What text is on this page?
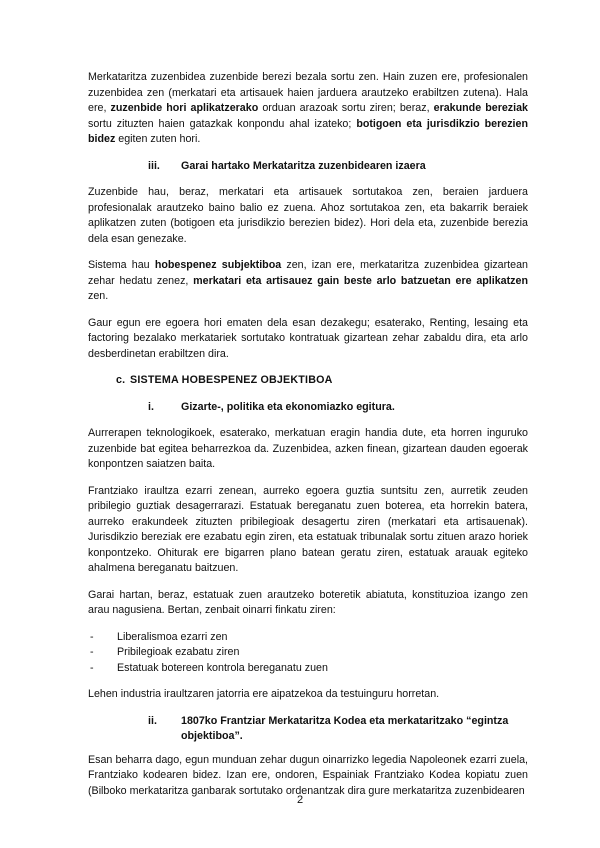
Merkataritza zuzenbidea zuzenbide berezi bezala sortu zen. Hain zuzen ere, profesionalen zuzenbidea zen (merkatari eta artisauek haien jarduera arautzeko erabiltzen zutena). Hala ere, zuzenbide hori aplikatzerako orduan arazoak sortu ziren; beraz, erakunde bereziak sortu zituzten haien gatazkak konpondu ahal izateko; botigoen eta jurisdikzio berezien bidez egiten zuten hori.

iii. Garai hartako Merkataritza zuzenbidearen izaera

Zuzenbide hau, beraz, merkatari eta artisauek sortutakoa zen, beraien jarduera profesionalak arautzeko baino balio ez zuena. Ahoz sortutakoa zen, eta bakarrik beraiek aplikatzen zuten (botigoen eta jurisdikzio berezien bidez). Hori dela eta, zuzenbide berezia dela esan genezake.

Sistema hau hobespenez subjektiboa zen, izan ere, merkataritza zuzenbidea gizartean zehar hedatu zenez, merkatari eta artisauez gain beste arlo batzuetan ere aplikatzen zen.

Gaur egun ere egoera hori ematen dela esan dezakegu; esaterako, Renting, lesaing eta factoring bezalako merkatariek sortutako kontratuak gizartean zehar zabaldu dira, eta arlo desberdinetan erabiltzen dira.

c. SISTEMA HOBESPENEZ OBJEKTIBOA
i.	Gizarte-, politika eta ekonomiazko egitura.

Aurrerapen teknologikoek, esaterako, merkatuan eragin handia dute, eta horren inguruko zuzenbide bat egitea beharrezkoa da. Zuzenbidea, azken finean, gizartean dauden egoerak konpontzen saiatzen baita.

Frantziako iraultza ezarri zenean, aurreko egoera guztia suntsitu zen, aurretik zeuden pribilegio guztiak desagerrarazi. Estatuak bereganatu zuen boterea, eta horrekin batera, aurreko erakundeek zituzten pribilegioak desagertu ziren (merkatari eta artisauenak). Jurisdikzio bereziak ere ezabatu egin ziren, eta estatuak tribunalak sortu zituen arazo horiek konpontzeko. Ohiturak ere bigarren plano batean geratu ziren, estatuak arauak egiteko ahalmena bereganatu baitzuen.

Garai hartan, beraz, estatuak zuen arautzeko boteretik abiatuta, konstituzioa izango zen arau nagusiena. Bertan, zenbait oinarri finkatu ziren:

-	Liberalismoa ezarri zen
-	Pribilegioak ezabatu ziren
-	Estatuak botereen kontrola bereganatu zuen

Lehen industria iraultzaren jatorria ere aipatzekoa da testuinguru horretan.

ii.	1807ko Frantziar Merkataritza Kodea eta merkataritzako “egintza objektiboa”.

Esan beharra dago, egun munduan zehar dugun oinarrizko legedia Napoleonek ezarri zuela, Frantziako kodearen bidez. Izan ere, ondoren, Espainiak Frantziako Kodea kopiatu zuen (Bilboko merkataritza ganbarak sortutako ordenantzak dira gure merkataritza zuzenbidearen

2
